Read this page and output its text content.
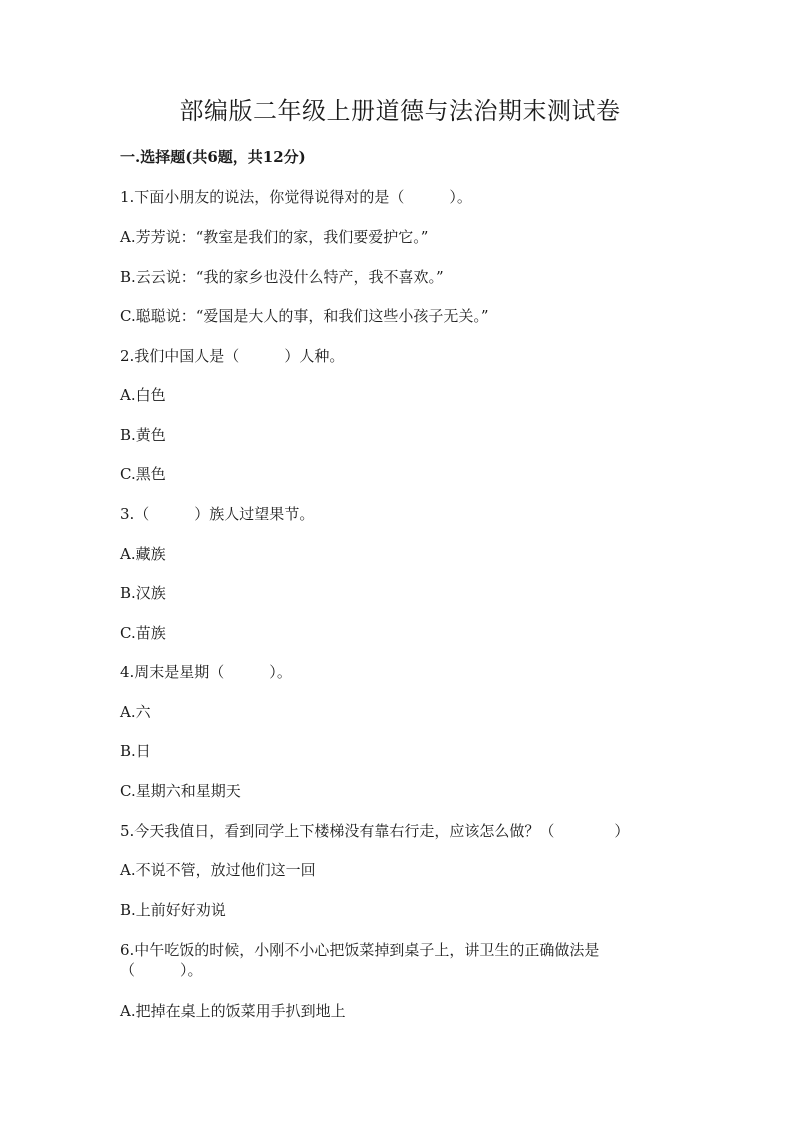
部编版二年级上册道德与法治期末测试卷
一.选择题(共6题，共12分)
1.下面小朋友的说法，你觉得说得对的是（　　　）。
A.芳芳说：“教室是我们的家，我们要爱护它。”
B.云云说：“我的家乡也没什么特产，我不喜欢。”
C.聪聪说：“爱国是大人的事，和我们这些小孩子无关。”
2.我们中国人是（　　　）人种。
A.白色
B.黄色
C.黑色
3.（　　　）族人过望果节。
A.藏族
B.汉族
C.苗族
4.周末是星期（　　　）。
A.六
B.日
C.星期六和星期天
5.今天我值日，看到同学上下楼梯没有靠右行走，应该怎么做？（　　　　）
A.不说不管，放过他们这一回
B.上前好好劝说
6.中午吃饭的时候，小刚不小心把饭菜掉到桌子上，讲卫生的正确做法是（　　　）。
A.把掉在桌上的饭菜用手扒到地上
